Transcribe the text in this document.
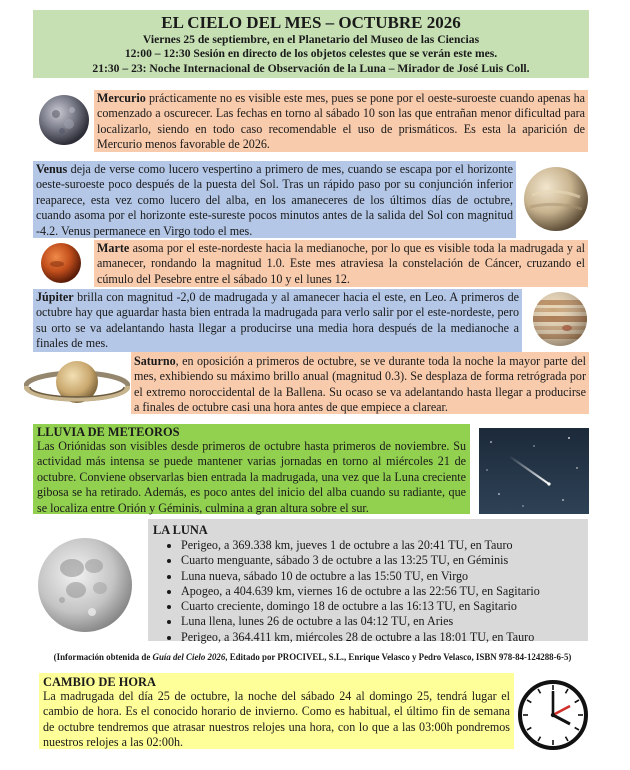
EL CIELO DEL MES – OCTUBRE 2026
Viernes 25 de septiembre, en el Planetario del Museo de las Ciencias
12:00 – 12:30 Sesión en directo de los objetos celestes que se verán este mes.
21:30 – 23: Noche Internacional de Observación de la Luna – Mirador de José Luis Coll.

Mercurio prácticamente no es visible este mes, pues se pone por el oeste-suroeste cuando apenas ha comenzado a oscurecer. Las fechas en torno al sábado 10 son las que entrañan menor dificultad para localizarlo, siendo en todo caso recomendable el uso de prismáticos. Es esta la aparición de Mercurio menos favorable de 2026.

Venus deja de verse como lucero vespertino a primero de mes, cuando se escapa por el horizonte oeste-suroeste poco después de la puesta del Sol. Tras un rápido paso por su conjunción inferior reaparece, esta vez como lucero del alba, en los amaneceres de los últimos días de octubre, cuando asoma por el horizonte este-sureste pocos minutos antes de la salida del Sol con magnitud -4.2. Venus permanece en Virgo todo el mes.

Marte asoma por el este-nordeste hacia la medianoche, por lo que es visible toda la madrugada y al amanecer, rondando la magnitud 1.0. Este mes atraviesa la constelación de Cáncer, cruzando el cúmulo del Pesebre entre el sábado 10 y el lunes 12.

Júpiter brilla con magnitud -2,0 de madrugada y al amanecer hacia el este, en Leo. A primeros de octubre hay que aguardar hasta bien entrada la madrugada para verlo salir por el este-nordeste, pero su orto se va adelantando hasta llegar a producirse una media hora después de la medianoche a finales de mes.

Saturno, en oposición a primeros de octubre, se ve durante toda la noche la mayor parte del mes, exhibiendo su máximo brillo anual (magnitud 0.3). Se desplaza de forma retrógrada por el extremo noroccidental de la Ballena. Su ocaso se va adelantando hasta llegar a producirse a finales de octubre casi una hora antes de que empiece a clarear.

LLUVIA DE METEOROS

Las Oriónidas son visibles desde primeros de octubre hasta primeros de noviembre. Su actividad más intensa se puede mantener varias jornadas en torno al miércoles 21 de octubre. Conviene observarlas bien entrada la madrugada, una vez que la Luna creciente gibosa se ha retirado. Además, es poco antes del inicio del alba cuando su radiante, que se localiza entre Orión y Géminis, culmina a gran altura sobre el sur.

LA LUNA
• Perigeo, a 369.338 km, jueves 1 de octubre a las 20:41 TU, en Tauro
• Cuarto menguante, sábado 3 de octubre a las 13:25 TU, en Géminis
• Luna nueva, sábado 10 de octubre a las 15:50 TU, en Virgo
• Apogeo, a 404.639 km, viernes 16 de octubre a las 22:56 TU, en Sagitario
• Cuarto creciente, domingo 18 de octubre a las 16:13 TU, en Sagitario
• Luna llena, lunes 26 de octubre a las 04:12 TU, en Aries
• Perigeo, a 364.411 km, miércoles 28 de octubre a las 18:01 TU, en Tauro
(Información obtenida de Guía del Cielo 2026, Editado por PROCIVEL, S.L., Enrique Velasco y Pedro Velasco, ISBN 978-84-124288-6-5)
CAMBIO DE HORA

La madrugada del día 25 de octubre, la noche del sábado 24 al domingo 25, tendrá lugar el cambio de hora. Es el conocido horario de invierno. Como es habitual, el último fin de semana de octubre tendremos que atrasar nuestros relojes una hora, con lo que a las 03:00h pondremos nuestros relojes a las 02:00h.
